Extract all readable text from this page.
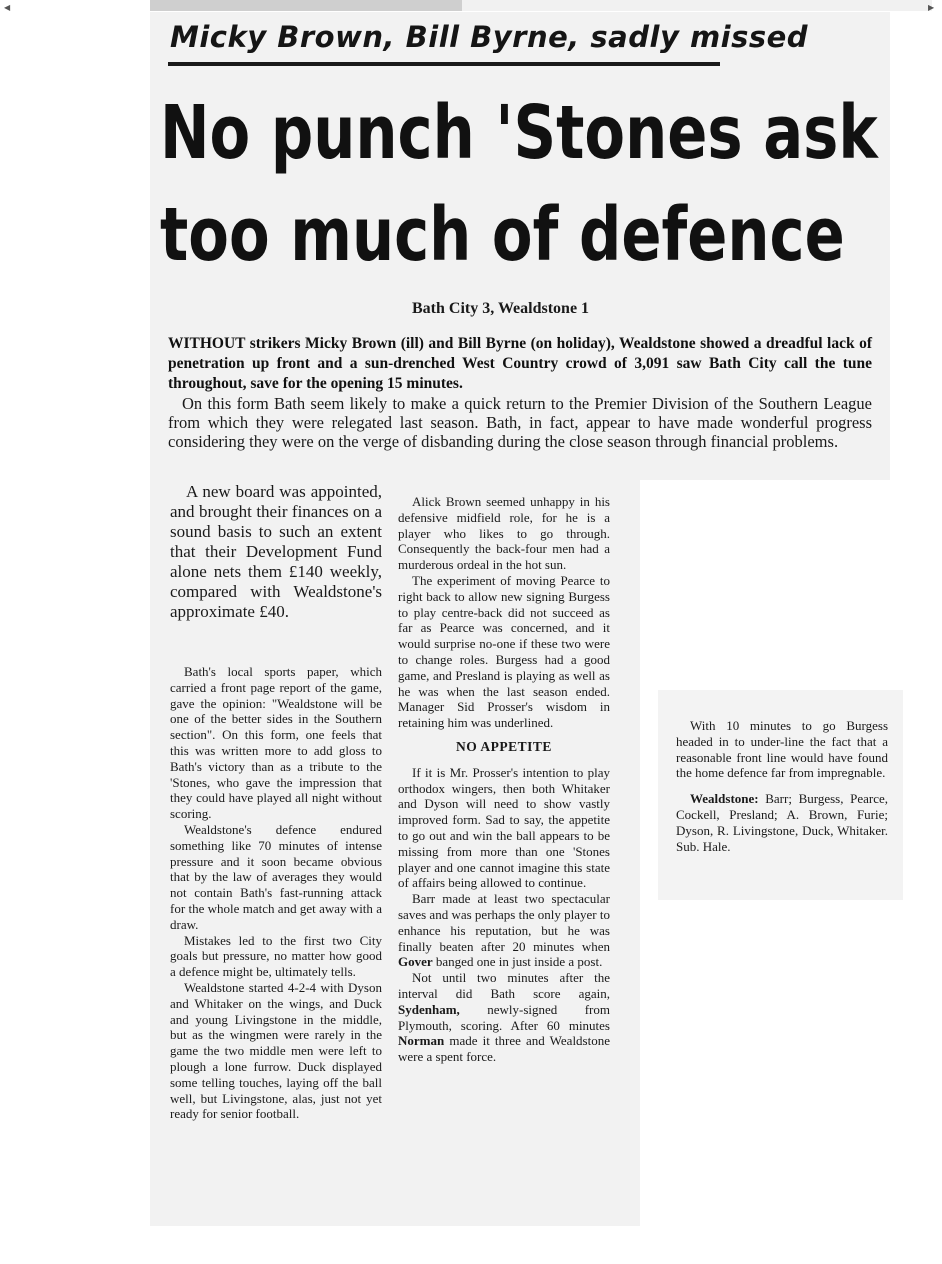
◀	▶
Micky Brown, Bill Byrne, sadly missed
No punch 'Stones ask
too much of defence
Bath City 3, Wealdstone 1
WITHOUT strikers Micky Brown (ill) and Bill Byrne (on holiday), Wealdstone showed a dreadful lack of penetration up front and a sun-drenched West Country crowd of 3,091 saw Bath City call the tune throughout, save for the opening 15 minutes.
On this form Bath seem likely to make a quick return to the Premier Division of the Southern League from which they were relegated last season. Bath, in fact, appear to have made wonderful progress considering they were on the verge of disbanding during the close season through financial problems.

A new board was appointed, and brought their finances on a sound basis to such an extent that their Development Fund alone nets them £140 weekly, compared with Wealdstone's approximate £40.

Bath's local sports paper, which carried a front page report of the game, gave the opinion: "Wealdstone will be one of the better sides in the Southern section". On this form, one feels that this was written more to add gloss to Bath's victory than as a tribute to the 'Stones, who gave the impression that they could have played all night without scoring.

Wealdstone's defence endured something like 70 minutes of intense pressure and it soon became obvious that by the law of averages they would not contain Bath's fast-running attack for the whole match and get away with a draw.

Mistakes led to the first two City goals but pressure, no matter how good a defence might be, ultimately tells.

Wealdstone started 4-2-4 with Dyson and Whitaker on the wings, and Duck and young Livingstone in the middle, but as the wingmen were rarely in the game the two middle men were left to plough a lone furrow. Duck displayed some telling touches, laying off the ball well, but Livingstone, alas, just not yet ready for senior football.

Alick Brown seemed unhappy in his defensive midfield role, for he is a player who likes to go through. Consequently the back-four men had a murderous ordeal in the hot sun.

The experiment of moving Pearce to right back to allow new signing Burgess to play centre-back did not succeed as far as Pearce was concerned, and it would surprise no-one if these two were to change roles. Burgess had a good game, and Presland is playing as well as he was when the last season ended. Manager Sid Prosser's wisdom in retaining him was underlined.

NO APPETITE

If it is Mr. Prosser's intention to play orthodox wingers, then both Whitaker and Dyson will need to show vastly improved form. Sad to say, the appetite to go out and win the ball appears to be missing from more than one 'Stones player and one cannot imagine this state of affairs being allowed to continue.

Barr made at least two spectacular saves and was perhaps the only player to enhance his reputation, but he was finally beaten after 20 minutes when Gover banged one in just inside a post.

Not until two minutes after the interval did Bath score again, Sydenham, newly-signed from Plymouth, scoring. After 60 minutes Norman made it three and Wealdstone were a spent force.

With 10 minutes to go Burgess headed in to under-line the fact that a reasonable front line would have found the home defence far from impregnable.

Wealdstone: Barr; Burgess, Pearce, Cockell, Presland; A. Brown, Furie; Dyson, R. Livingstone, Duck, Whitaker. Sub. Hale.
